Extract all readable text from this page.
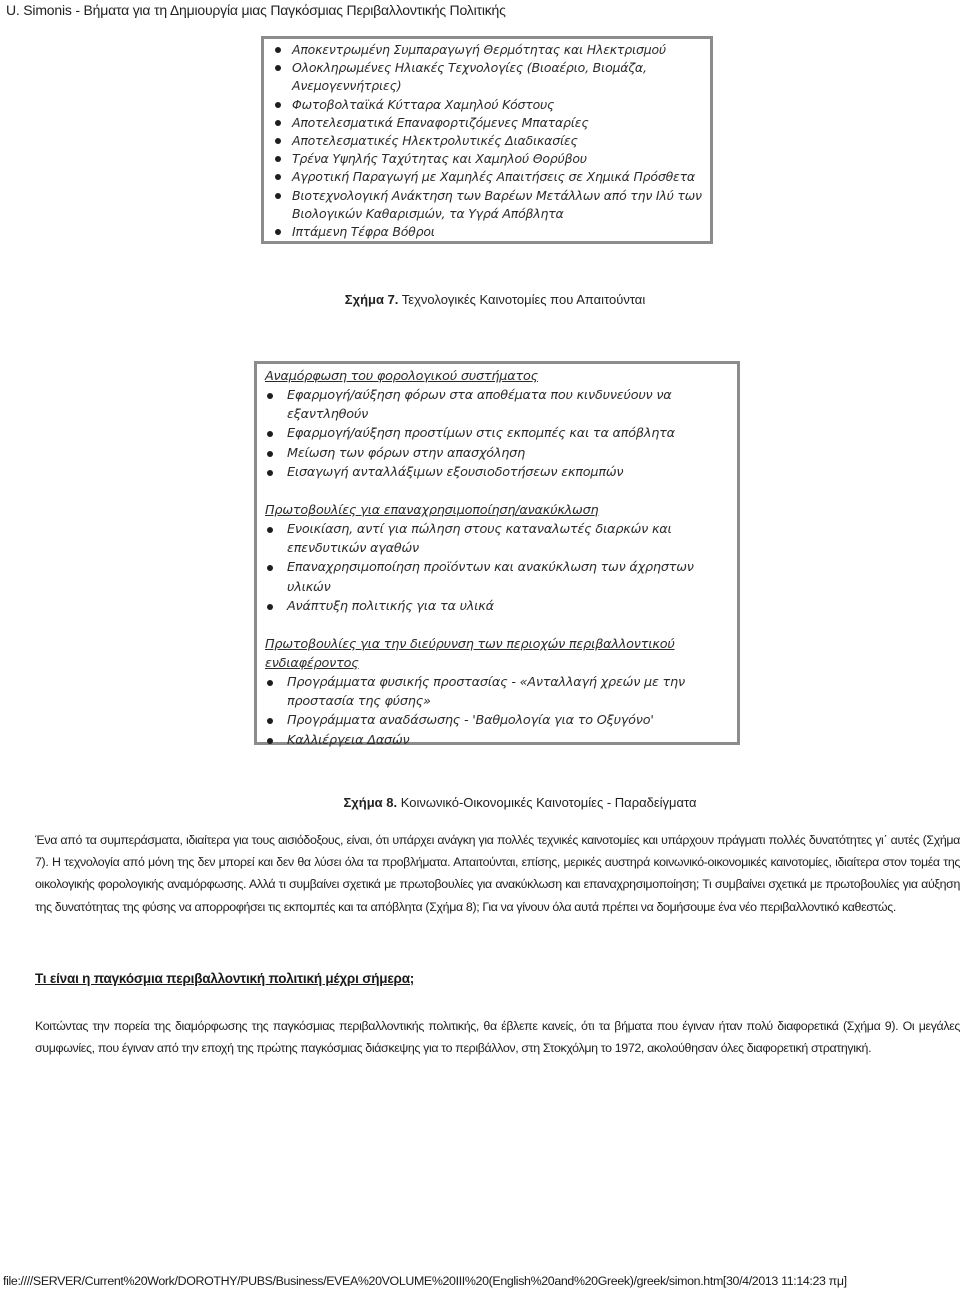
U. Simonis - Βήματα για τη Δημιουργία μιας Παγκόσμιας Περιβαλλοντικής Πολιτικής
Αποκεντρωμένη Συμπαραγωγή Θερμότητας και Ηλεκτρισμού
Ολοκληρωμένες Ηλιακές Τεχνολογίες (Βιοαέριο, Βιομάζα, Ανεμογεννήτριες)
Φωτοβολταϊκά Κύτταρα Χαμηλού Κόστους
Αποτελεσματικά Επαναφορτιζόμενες Μπαταρίες
Αποτελεσματικές Ηλεκτρολυτικές Διαδικασίες
Τρένα Υψηλής Ταχύτητας και Χαμηλού Θορύβου
Αγροτική Παραγωγή με Χαμηλές Απαιτήσεις σε Χημικά Πρόσθετα
Βιοτεχνολογική Ανάκτηση των Βαρέων Μετάλλων από την Ιλύ των Βιολογικών Καθαρισμών, τα Υγρά Απόβλητα
Ιπτάμενη Τέφρα Βόθροι
Σχήμα 7. Τεχνολογικές Καινοτομίες που Απαιτούνται
Αναμόρφωση του φορολογικού συστήματος
Εφαρμογή/αύξηση φόρων στα αποθέματα που κινδυνεύουν να εξαντληθούν
Εφαρμογή/αύξηση προστίμων στις εκπομπές και τα απόβλητα
Μείωση των φόρων στην απασχόληση
Εισαγωγή ανταλλάξιμων εξουσιοδοτήσεων εκπομπών
Πρωτοβουλίες για επαναχρησιμοποίηση/ανακύκλωση
Ενοικίαση, αντί για πώληση στους καταναλωτές διαρκών και επενδυτικών αγαθών
Επαναχρησιμοποίηση προϊόντων και ανακύκλωση των άχρηστων υλικών
Ανάπτυξη πολιτικής για τα υλικά
Πρωτοβουλίες για την διεύρυνση των περιοχών περιβαλλοντικού ενδιαφέροντος
Προγράμματα φυσικής προστασίας - «Ανταλλαγή χρεών με την προστασία της φύσης»
Προγράμματα αναδάσωσης - 'Βαθμολογία για το Οξυγόνο'
Καλλιέργεια Δασών
Σχήμα 8. Κοινωνικό-Οικονομικές Καινοτομίες - Παραδείγματα
Ένα από τα συμπεράσματα, ιδιαίτερα για τους αισιόδοξους, είναι, ότι υπάρχει ανάγκη για πολλές τεχνικές καινοτομίες και υπάρχουν πράγματι πολλές δυνατότητες γι΄ αυτές (Σχήμα 7). Η τεχνολογία από μόνη της δεν μπορεί και δεν θα λύσει όλα τα προβλήματα. Απαιτούνται, επίσης, μερικές αυστηρά κοινωνικό-οικονομικές καινοτομίες, ιδιαίτερα στον τομέα της οικολογικής φορολογικής αναμόρφωσης. Αλλά τι συμβαίνει σχετικά με πρωτοβουλίες για ανακύκλωση και επαναχρησιμοποίηση; Τι συμβαίνει σχετικά με πρωτοβουλίες για αύξηση της δυνατότητας της φύσης να απορροφήσει τις εκπομπές και τα απόβλητα (Σχήμα 8); Για να γίνουν όλα αυτά πρέπει να δομήσουμε ένα νέο περιβαλλοντικό καθεστώς.
Τι είναι η παγκόσμια περιβαλλοντική πολιτική μέχρι σήμερα;
Κοιτώντας την πορεία της διαμόρφωσης της παγκόσμιας περιβαλλοντικής πολιτικής, θα έβλεπε κανείς, ότι τα βήματα που έγιναν ήταν πολύ διαφορετικά (Σχήμα 9). Οι μεγάλες συμφωνίες, που έγιναν από την εποχή της πρώτης παγκόσμιας διάσκεψης για το περιβάλλον, στη Στοκχόλμη το 1972, ακολούθησαν όλες διαφορετική στρατηγική.
file:////SERVER/Current%20Work/DOROTHY/PUBS/Business/EVEA%20VOLUME%20III%20(English%20and%20Greek)/greek/simon.htm[30/4/2013 11:14:23 πμ]
